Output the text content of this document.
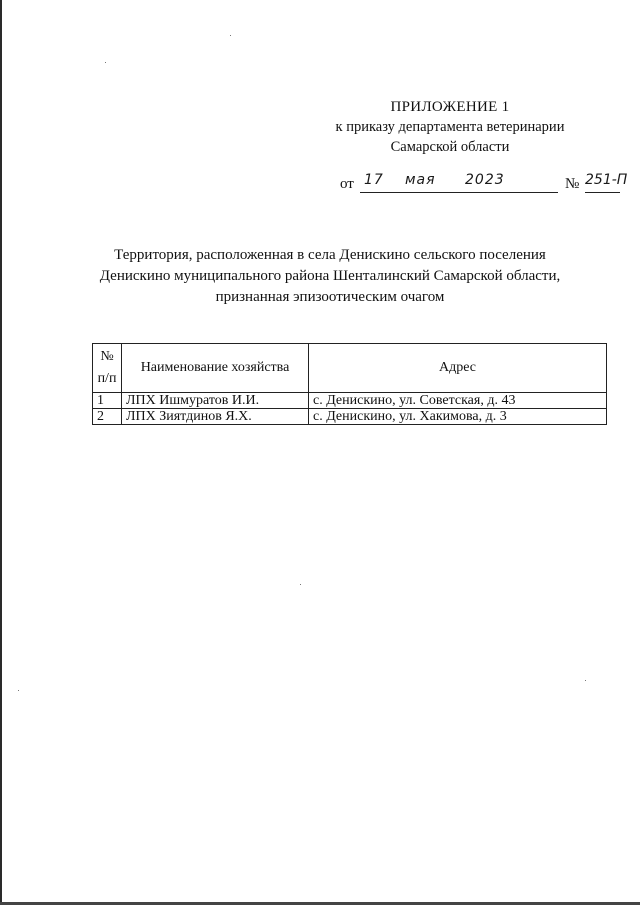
ПРИЛОЖЕНИЕ 1
к приказу департамента ветеринарии
Самарской области
от 17 мая 2023	№ 251-П
Территория, расположенная в села Денискино сельского поселения
Денискино муниципального района Шенталинский Самарской области,
признанная эпизоотическим очагом
№
п/п	Наименование хозяйства	Адрес
1	ЛПХ Ишмуратов И.И.	с. Денискино, ул. Советская, д. 43
2	ЛПХ Зиятдинов Я.Х.	с. Денискино, ул. Хакимова, д. 3
